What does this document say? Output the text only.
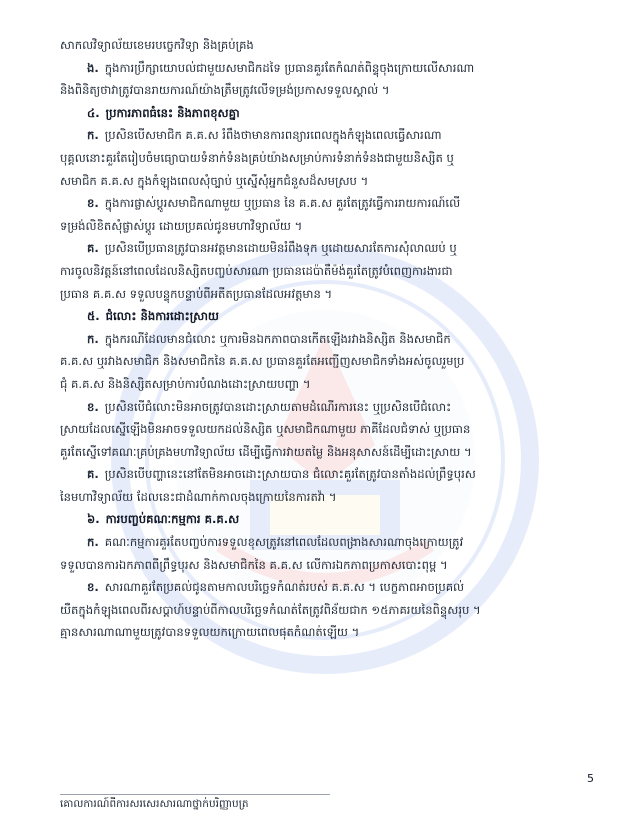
សាកលវិទ្យាល័យខេមរបច្ចេកវិទ្យា និងគ្រប់គ្រង
ង. ក្នុងការប្រឹក្សាយោបល់ជាមួយសមាជិកដទៃ ប្រធានគួរតែកំណត់ពិន្ទុចុងក្រោយលើសារណា
និងពិនិត្យថាវាត្រូវបានរាយការណ៍យ៉ាងត្រឹមត្រូវលើទម្រង់ប្រកាសទទួលស្គាល់ ។
៤. ប្រការភាពធំនេះ និងភាពខុសគ្នា
ក. ប្រសិនបើសមាជិក គ.គ.ស រំពឹងថាមានការពន្យារពេលក្នុងកំឡុងពេលធ្វើសារណា
បុគ្គលនោះគួរតែរៀបចំមធ្យោបាយទំនាក់ទំនងគ្រប់យ៉ាងសម្រាប់ការទំនាក់ទំនងជាមួយនិស្សិត ឬ
សមាជិក គ.គ.ស ក្នុងកំឡុងពេលសុំច្បាប់ ឬស្នើសុំអ្នកជំនួសដ៏សមស្រប ។
ខ. ក្នុងការផ្លាស់ប្ដូរសមាជិកណាមួយ ឬប្រធាន នៃ គ.គ.ស គួរតែត្រូវធ្វើការរាយការណ៍លើ
ទម្រង់លិខិតសុំផ្លាស់ប្ដូរ ដោយប្រគល់ជូនមហាវិទ្យាល័យ ។
គ. ប្រសិនបើប្រធានត្រូវបានអវត្តមានដោយមិនរំពឹងទុក ឬដោយសារតែការសុំលាឈប់ ឬ
ការចូលនិវត្តន៍នៅពេលដែលនិស្សិតបញ្ចប់សារណា ប្រធានដេប៉ាតឺម៉ង់គួរតែត្រូវបំពេញការងារជា
ប្រធាន គ.គ.ស ទទួលបន្ទុកបន្ទាប់ពីអតីតប្រធានដែលអវត្តមាន ។
៥. ជំលោះ និងការដោះស្រាយ
ក. ក្នុងករណីដែលមានជំលោះ ឬការមិនឯកភាពបានកើតឡើងរវាងនិស្សិត និងសមាជិក
គ.គ.ស ឬរវាងសមាជិក និងសមាជិកនៃ គ.គ.ស ប្រធានគួរតែអញ្ជើញសមាជិកទាំងអស់ចូលរួមប្រ
ជុំ គ.គ.ស និងនិស្សិតសម្រាប់ការបំណងដោះស្រាយបញ្ហា ។
ខ. ប្រសិនបើជំលោះមិនអាចត្រូវបានដោះស្រាយតាមដំណើរការនេះ ឬប្រសិនបើជំលោះ
ស្រាយដែលស្នើឡើងមិនអាចទទួលយកដល់និស្សិត ឬសមាជិកណាមួយ ភាគីដែលជំទាស់ ឬប្រធាន
គួរតែស្នើទៅគណៈគ្រប់គ្រងមហាវិទ្យាល័យ ដើម្បីធ្វើការវាយតម្លៃ និងអនុសាសន៍ដើម្បីដោះស្រាយ ។
គ. ប្រសិនបើបញ្ហានេះនៅតែមិនអាចដោះស្រាយបាន ជំលោះគួរតែត្រូវបានតាំងដល់ព្រឹទ្ធបុរស
នៃមហាវិទ្យាល័យ ដែលនេះជាដំណាក់កាលចុងក្រោយនៃការតវ៉ា ។
៦. ការបញ្ចប់គណៈកម្មការ គ.គ.ស
ក. គណៈកម្មការគួរតែបញ្ចប់ការទទួលខុសត្រូវនៅពេលដែលពង្រាងសារណាចុងក្រោយត្រូវ
ទទួលបានការឯកភាពពីព្រឹទ្ធបុរស និងសមាជិកនៃ គ.គ.ស លើការឯកភាពប្រកាសបោះពុម្ព ។
ខ. សារណាគួរតែប្រគល់ជូនតាមកាលបរិច្ឆេទកំណត់របស់ គ.គ.ស ។ បេក្ខភាពអាចប្រគល់
យឺតក្នុងកំឡុងពេលពីរសប្ដាហ៍បន្ទាប់ពីកាលបរិច្ឆេទកំណត់តែត្រូវពិន័យជាក ១៥ភាគរយនៃពិន្ទុសរុប ។
គ្មានសារណាណាមួយត្រូវបានទទួលយកក្រោយពេលផុតកំណត់ឡើយ ។
5
គោលការណ៍ពីការសរសេរសារណាថ្នាក់បរិញ្ញាបត្រ
